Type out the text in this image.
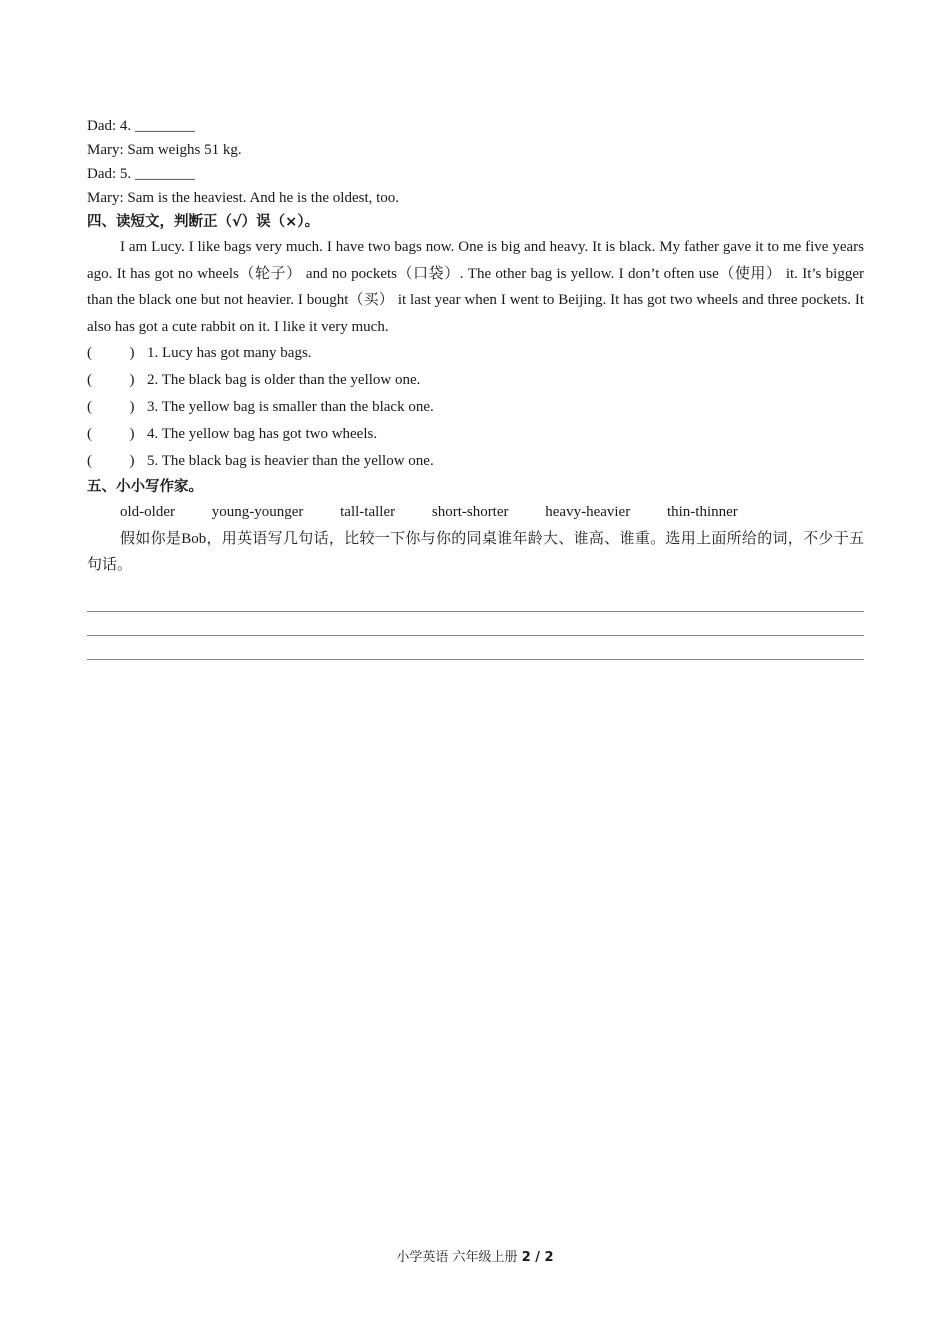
Dad: 4. ________
Mary: Sam weighs 51 kg.
Dad: 5. ________
Mary: Sam is the heaviest. And he is the oldest, too.
四、读短文，判断正（√）误（×）。

I am Lucy. I like bags very much. I have two bags now. One is big and heavy. It is black. My father gave it to me five years ago. It has got no wheels（轮子） and no pockets（口袋）. The other bag is yellow. I don’t often use（使用） it. It’s bigger than the black one but not heavier. I bought（买） it last year when I went to Beijing. It has got two wheels and three pockets. It also has got a cute rabbit on it. I like it very much.

(	) 1. Lucy has got many bags.
(	) 2. The black bag is older than the yellow one.
(	) 3. The yellow bag is smaller than the black one.
(	) 4. The yellow bag has got two wheels.
(	) 5. The black bag is heavier than the yellow one.
五、小小写作家。
old-older young-younger tall-taller short-shorter heavy-heavier thin-thinner

假如你是Bob，用英语写几句话，比较一下你与你的同桌谁年龄大、谁高、谁重。选用上面所给的词，不少于五句话。

小学英语 六年级上册 2 / 2
